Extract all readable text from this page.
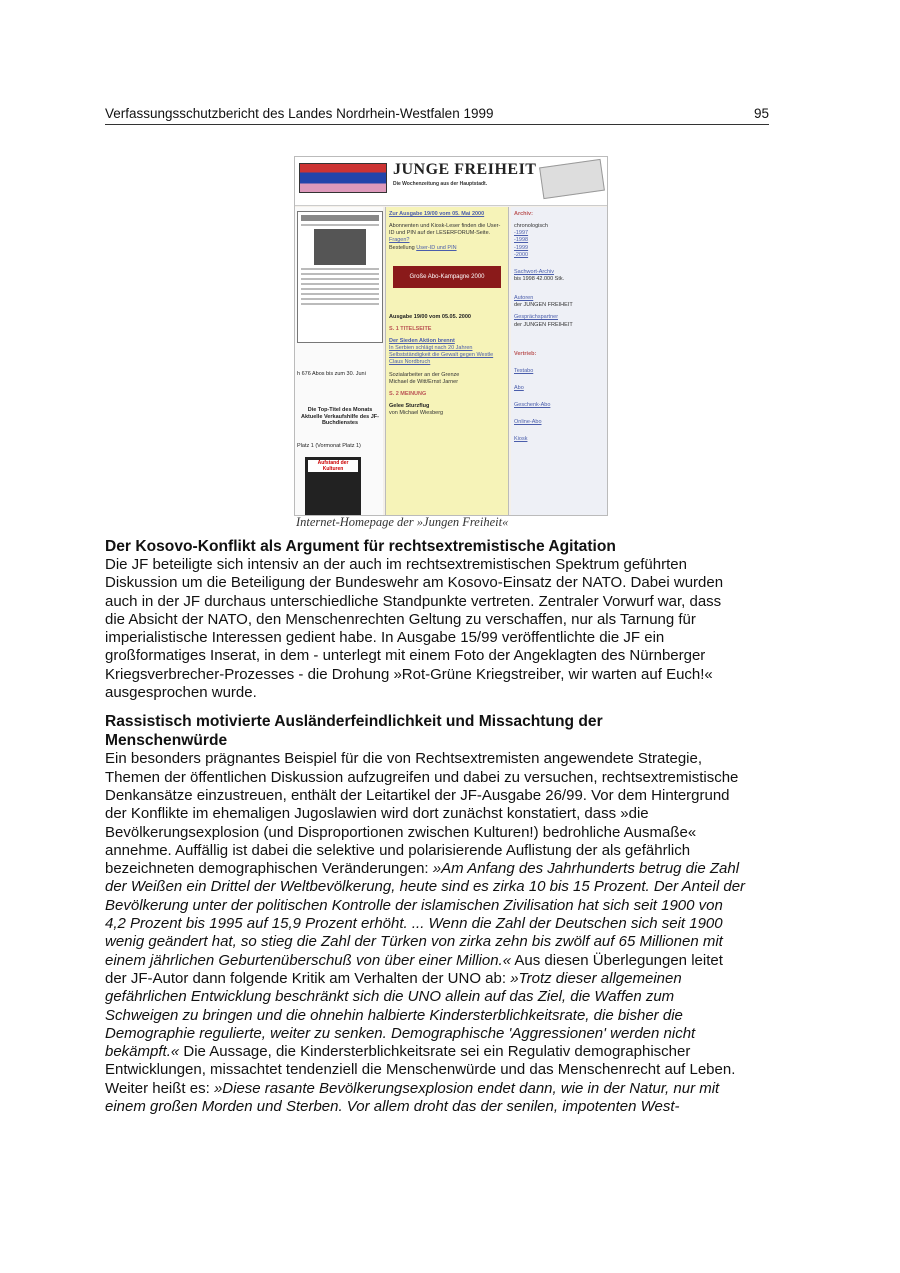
Verfassungsschutzbericht des Landes Nordrhein-Westfalen 1999	95
JUNGE FREIHEIT
Die Wochenzeitung aus der Hauptstadt.
h 676 Abos bis zum 30. Juni
Die Top-Titel des Monats Aktuelle Verkaufshilfe des JF-Buchdienstes
Platz 1 (Vormonat Platz 1)
Aufstand der Kulturen

Zur Ausgabe 19/00 vom 05. Mai 2000

Abonnenten und Kiosk-Leser finden die User-ID und PIN auf der LESERFORUM-Seite. Fragen?
Bestellung User-ID und PIN

Große Abo-Kampagne 2000

Ausgabe 19/00 vom 05.05. 2000

S. 1 TITELSEITE

Der Sieden Aktion brennt
In Serbien schlägt nach 20 Jahren Selbstständigkeit die Gewalt gegen Westle
Claus Nordbruch

Sozialarbeiter an der Grenze
Michael de Witt/Ernst Jarner

S. 2 MEINUNG

Gelee Sturzflug
von Michael Wiesberg

Archiv:

chronologisch
-1997
-1998
-1999
-2000

Sachwort-Archiv
bis 1998 42.000 Stk.

Autoren
der JUNGEN FREIHEIT

Gesprächspartner
der JUNGEN FREIHEIT

Vertrieb:

Testabo

Abo

Geschenk-Abo

Online-Abo

Kiosk

Internet-Homepage der »Jungen Freiheit«
Der Kosovo-Konflikt als Argument für rechtsextremistische Agitation

Die JF beteiligte sich intensiv an der auch im rechtsextremistischen Spektrum geführten

Diskussion um die Beteiligung der Bundeswehr am Kosovo-Einsatz der NATO. Dabei wurden

auch in der JF durchaus unterschiedliche Standpunkte vertreten. Zentraler Vorwurf war, dass

die Absicht der NATO, den Menschenrechten Geltung zu verschaffen, nur als Tarnung für

imperialistische Interessen gedient habe. In Ausgabe 15/99 veröffentlichte die JF ein

großformatiges Inserat, in dem - unterlegt mit einem Foto der Angeklagten des Nürnberger

Kriegsverbrecher-Prozesses - die Drohung »Rot-Grüne Kriegstreiber, wir warten auf Euch!«

ausgesprochen wurde.

Rassistisch motivierte Ausländerfeindlichkeit und Missachtung der
Menschenwürde

Ein besonders prägnantes Beispiel für die von Rechtsextremisten angewendete Strategie,

Themen der öffentlichen Diskussion aufzugreifen und dabei zu versuchen, rechtsextremistische

Denkansätze einzustreuen, enthält der Leitartikel der JF-Ausgabe 26/99. Vor dem Hintergrund

der Konflikte im ehemaligen Jugoslawien wird dort zunächst konstatiert, dass »die

Bevölkerungsexplosion (und Disproportionen zwischen Kulturen!) bedrohliche Ausmaße«

annehme. Auffällig ist dabei die selektive und polarisierende Auflistung der als gefährlich

bezeichneten demographischen Veränderungen: »Am Anfang des Jahrhunderts betrug die Zahl

der Weißen ein Drittel der Weltbevölkerung, heute sind es zirka 10 bis 15 Prozent. Der Anteil der

Bevölkerung unter der politischen Kontrolle der islamischen Zivilisation hat sich seit 1900 von

4,2 Prozent bis 1995 auf 15,9 Prozent erhöht. ... Wenn die Zahl der Deutschen sich seit 1900

wenig geändert hat, so stieg die Zahl der Türken von zirka zehn bis zwölf auf 65 Millionen mit

einem jährlichen Geburtenüberschuß von über einer Million.« Aus diesen Überlegungen leitet

der JF-Autor dann folgende Kritik am Verhalten der UNO ab: »Trotz dieser allgemeinen

gefährlichen Entwicklung beschränkt sich die UNO allein auf das Ziel, die Waffen zum

Schweigen zu bringen und die ohnehin halbierte Kindersterblichkeitsrate, die bisher die

Demographie regulierte, weiter zu senken. Demographische 'Aggressionen' werden nicht

bekämpft.« Die Aussage, die Kindersterblichkeitsrate sei ein Regulativ demographischer

Entwicklungen, missachtet tendenziell die Menschenwürde und das Menschenrecht auf Leben.

Weiter heißt es: »Diese rasante Bevölkerungsexplosion endet dann, wie in der Natur, nur mit

einem großen Morden und Sterben. Vor allem droht das der senilen, impotenten West-
